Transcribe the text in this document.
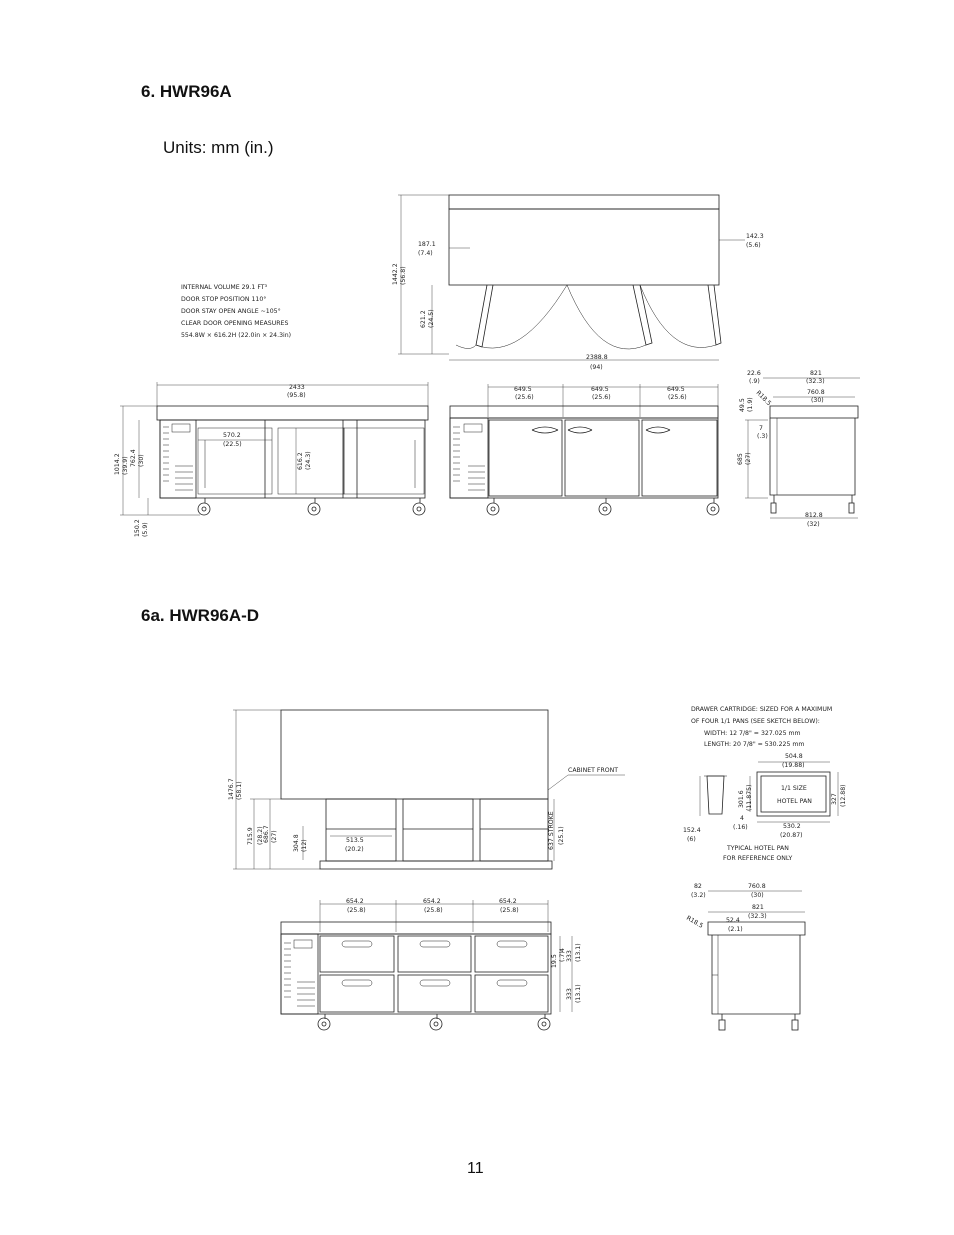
6. HWR96A
Units: mm (in.)
6a. HWR96A-D
11
INTERNAL VOLUME 29.1 FT³
DOOR STOP POSITION 110°
DOOR STAY OPEN ANGLE ~105°
CLEAR DOOR OPENING MEASURES
554.8W × 616.2H (22.0in × 24.3in)
1442.2 (56.8)
187.1
(7.4)
142.3
(5.6)
621.2 (24.5)
2388.8
(94)
2433
(95.8)
570.2
(22.5)
616.2 (24.3)
1014.2 (39.9) 762.4 (30)
150.2 (5.9)
649.5
(25.6)
649.5
(25.6)
649.5
(25.6)
22.6
(.9)
821
(32.3)
760.8
(30)
49.5 (1.9) R18.5
7
(.3)
685 (27)
812.8
(32)
DRAWER CARTRIDGE: SIZED FOR A MAXIMUM
OF FOUR 1/1 PANS (SEE SKETCH BELOW):
WIDTH: 12 7/8" = 327.025 mm
LENGTH: 20 7/8" = 530.225 mm
1476.7 (58.1)
715.9 (28.2) 686.7 (27) 304.8 (12)	513.5
(20.2)	637 STROKE (25.1)
CABINET FRONT
654.2
(25.8)
654.2
(25.8)
654.2
(25.8)
19.5 (.7)
4
333 (13.1)
333 (13.1)
504.8
(19.88)
1/1 SIZE
HOTEL PAN	327 (12.88)
301.6 (11.875)
152.4
(6)
4
(.16)	530.2
(20.87)
TYPICAL HOTEL PAN
FOR REFERENCE ONLY
82
(3.2)
760.8
(30)
821
(32.3)
R18.5	52.4
(2.1)
